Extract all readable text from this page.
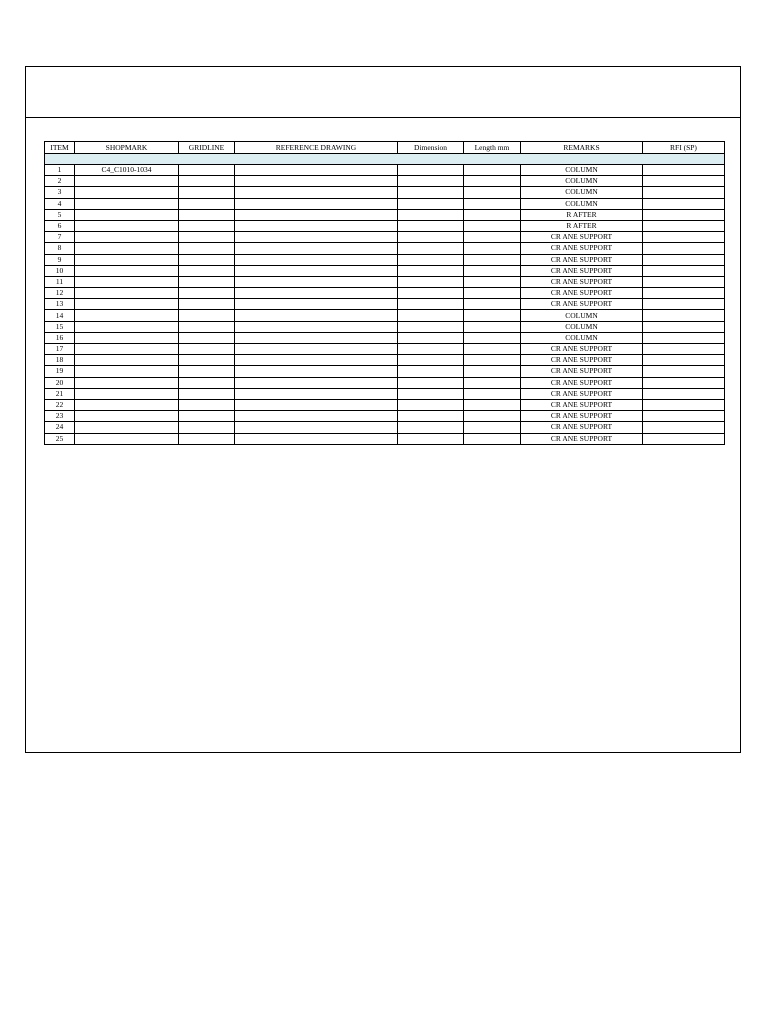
ITEM	SHOPMARK	GRIDLINE	REFERENCE DRAWING	Dimension	Length mm	REMARKS	RFI (SP)

1	C4_C1010-1034					COLUMN	
2						COLUMN	
3						COLUMN	
4						COLUMN	
5						R AFTER	
6						R AFTER	
7						CR ANE SUPPORT	
8						CR ANE SUPPORT	
9						CR ANE SUPPORT	
10						CR ANE SUPPORT	
11						CR ANE SUPPORT	
12						CR ANE SUPPORT	
13						CR ANE SUPPORT	
14						COLUMN	
15						COLUMN	
16						COLUMN	
17						CR ANE SUPPORT	
18						CR ANE SUPPORT	
19						CR ANE SUPPORT	
20						CR ANE SUPPORT	
21						CR ANE SUPPORT	
22						CR ANE SUPPORT	
23						CR ANE SUPPORT	
24						CR ANE SUPPORT	
25						CR ANE SUPPORT	
